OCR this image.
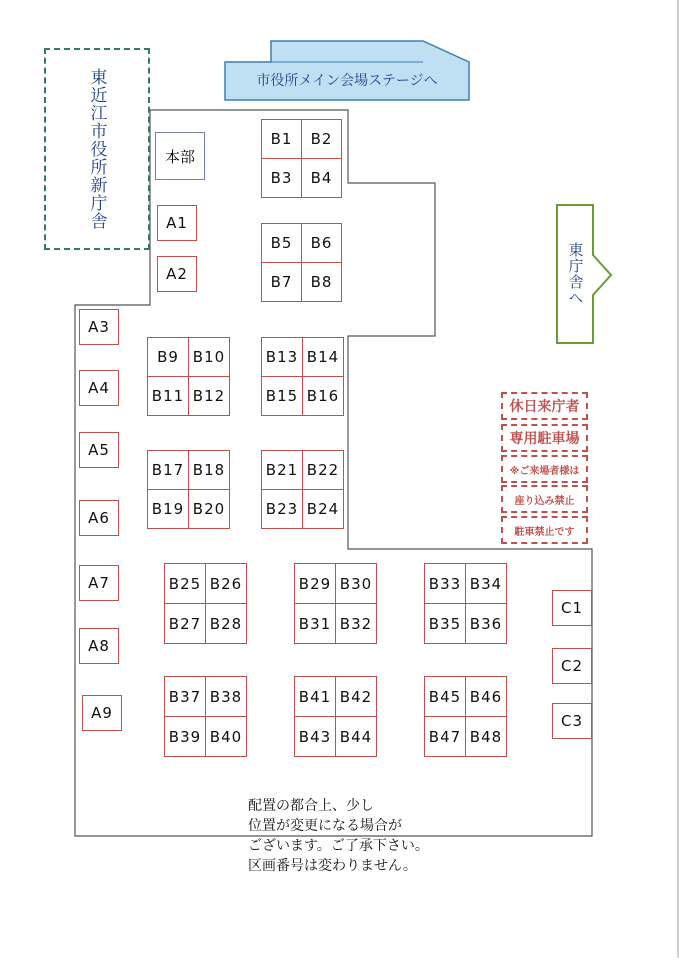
東近江市役所新庁舎	市役所メイン会場ステージへ
東庁舎へ
本部
A1
A2
A3
A4
A5
A6
A7
A8
A9
B1	B2
B3	B4
B5	B6
B7	B8
B9 B10
B11 B12
B13 B14
B15 B16
B17 B18
B19 B20
B21 B22
B23 B24
B25 B26
B27 B28
B29 B30
B31 B32
B33 B34
B35 B36
B37 B38
B39 B40
B41 B42
B43 B44
B45 B46
B47 B48
C1
C2
C3
休日来庁者
専用駐車場
※ご来場者様は
座り込み禁止
駐車禁止です
配置の都合上、少し
位置が変更になる場合が
ございます。ご了承下さい。
区画番号は変わりません。
